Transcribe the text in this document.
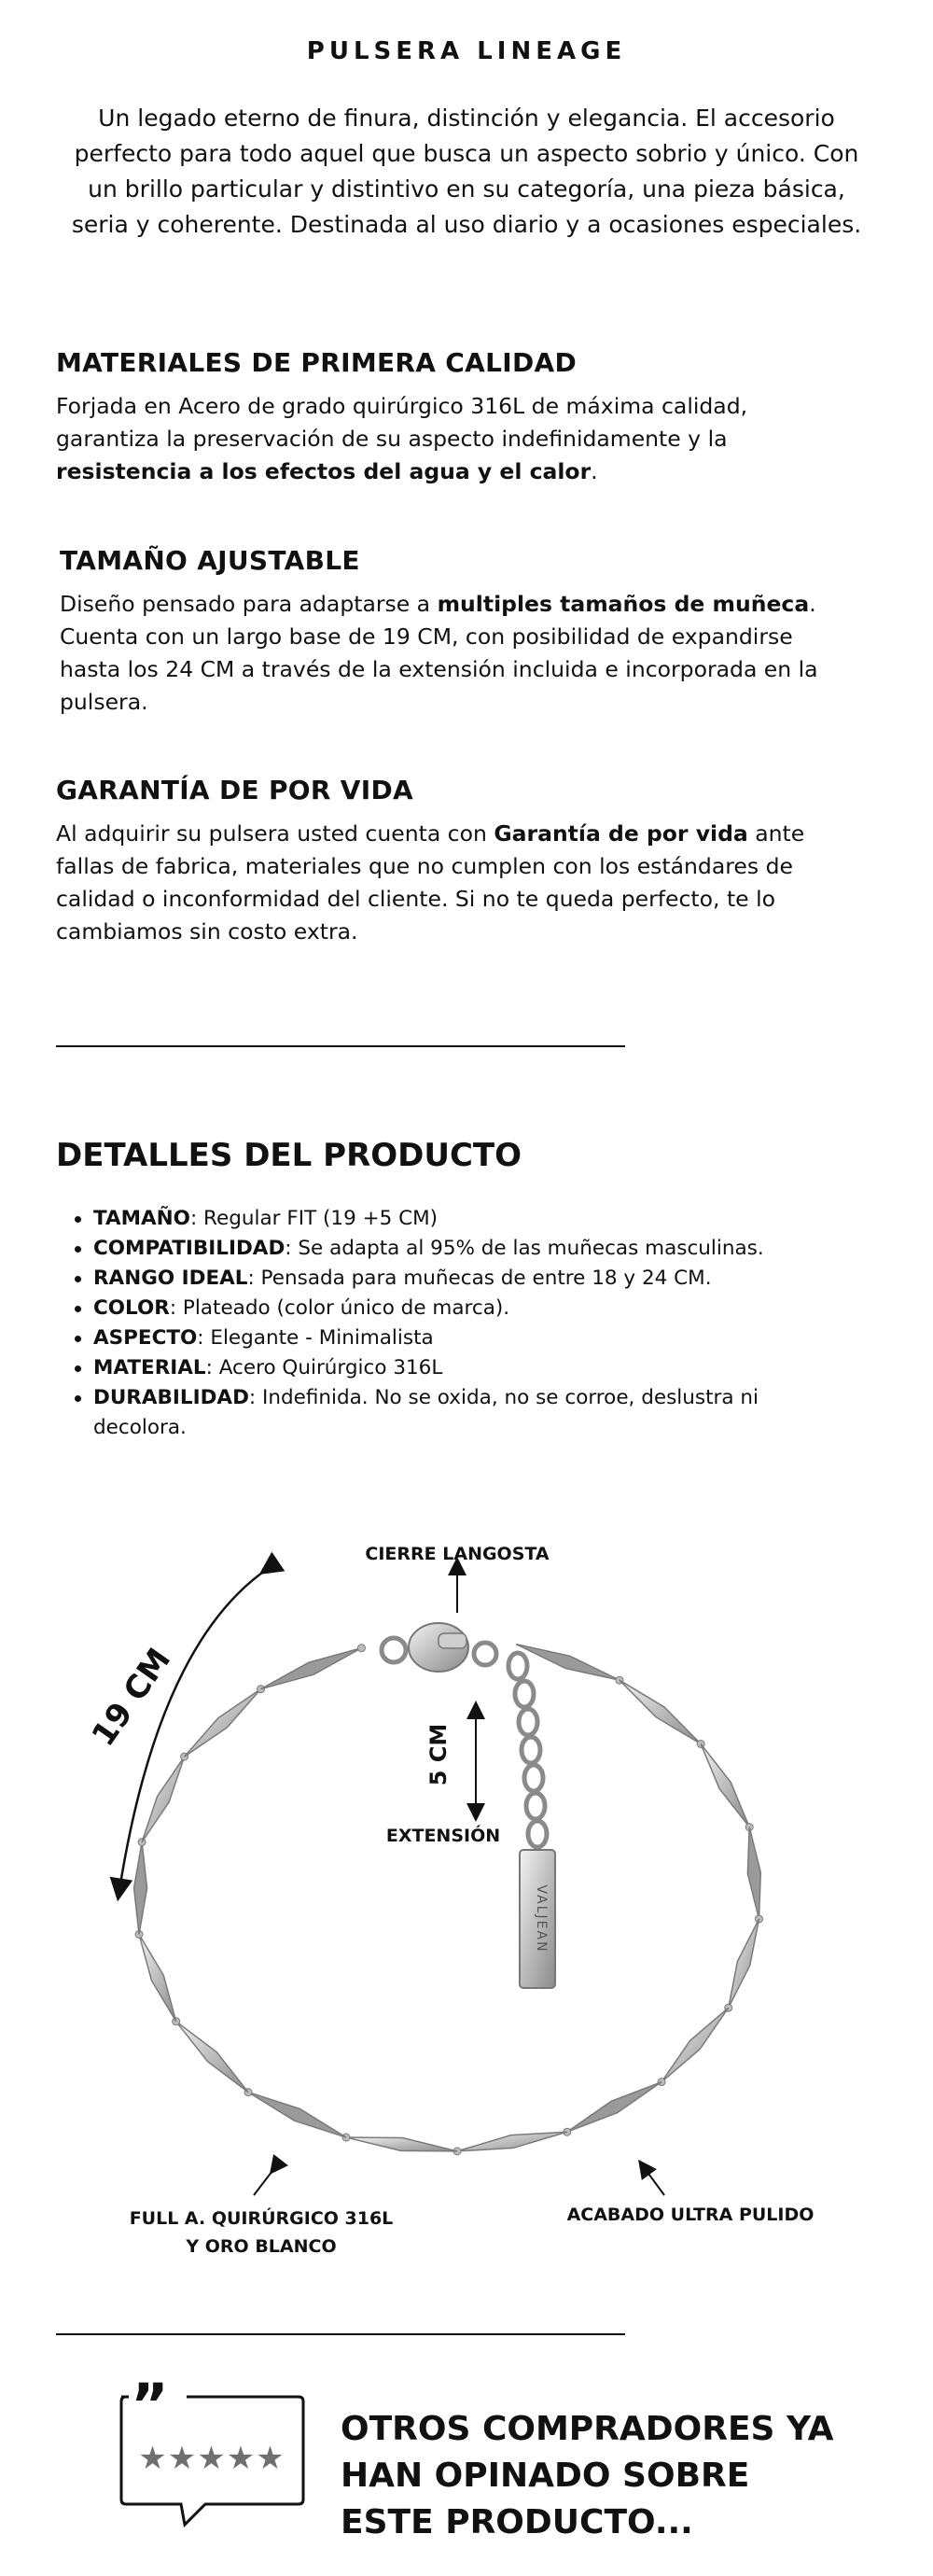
PULSERA LINEAGE

Un legado eterno de finura, distinción y elegancia. El accesorio perfecto para todo aquel que busca un aspecto sobrio y único. Con un brillo particular y distintivo en su categoría, una pieza básica, seria y coherente. Destinada al uso diario y a ocasiones especiales.

MATERIALES DE PRIMERA CALIDAD

Forjada en Acero de grado quirúrgico 316L de máxima calidad, garantiza la preservación de su aspecto indefinidamente y la resistencia a los efectos del agua y el calor.

TAMAÑO AJUSTABLE

Diseño pensado para adaptarse a multiples tamaños de muñeca. Cuenta con un largo base de 19 CM, con posibilidad de expandirse hasta los 24 CM a través de la extensión incluida e incorporada en la pulsera.

GARANTÍA DE POR VIDA

Al adquirir su pulsera usted cuenta con Garantía de por vida ante fallas de fabrica, materiales que no cumplen con los estándares de calidad o inconformidad del cliente. Si no te queda perfecto, te lo cambiamos sin costo extra.

DETALLES DEL PRODUCTO
TAMAÑO: Regular FIT (19 +5 CM)
COMPATIBILIDAD: Se adapta al 95% de las muñecas masculinas.
RANGO IDEAL: Pensada para muñecas de entre 18 y 24 CM.
COLOR: Plateado (color único de marca).
ASPECTO: Elegante - Minimalista
MATERIAL: Acero Quirúrgico 316L
DURABILIDAD: Indefinida. No se oxida, no se corroe, deslustra ni decolora.
VALJEAN
19 CM
5 CM
CIERRE LANGOSTA
EXTENSIÓN
FULL A. QUIRÚRGICO 316L
Y ORO BLANCO
ACABADO ULTRA PULIDO
”
★★★★★
OTROS COMPRADORES YA
HAN OPINADO SOBRE
ESTE PRODUCTO...
